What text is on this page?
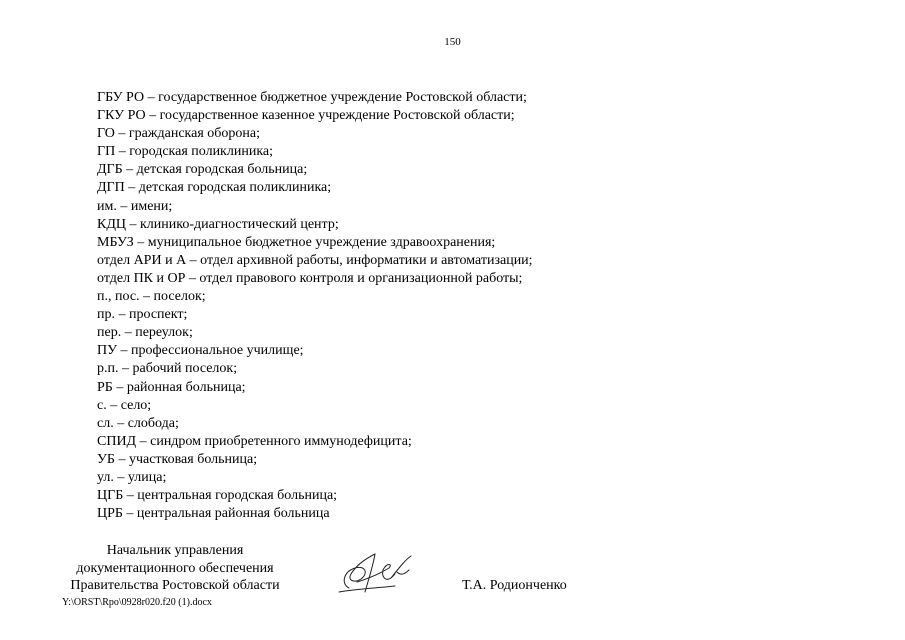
150
ГБУ РО – государственное бюджетное учреждение Ростовской области;
ГКУ РО – государственное казенное учреждение Ростовской области;
ГО – гражданская оборона;
ГП – городская поликлиника;
ДГБ – детская городская больница;
ДГП – детская городская поликлиника;
им. – имени;
КДЦ – клинико-диагностический центр;
МБУЗ – муниципальное бюджетное учреждение здравоохранения;
отдел АРИ и А – отдел архивной работы, информатики и автоматизации;
отдел ПК и ОР – отдел правового контроля и организационной работы;
п., пос. – поселок;
пр. – проспект;
пер. – переулок;
ПУ – профессиональное училище;
р.п. – рабочий поселок;
РБ – районная больница;
с. – село;
сл. – слобода;
СПИД – синдром приобретенного иммунодефицита;
УБ – участковая больница;
ул. – улица;
ЦГБ – центральная городская больница;
ЦРБ – центральная районная больница
Начальник управления
документационного обеспечения
Правительства Ростовской области	Т.А. Родионченко
Y:\ORST\Rpo\0928r020.f20 (1).docx
